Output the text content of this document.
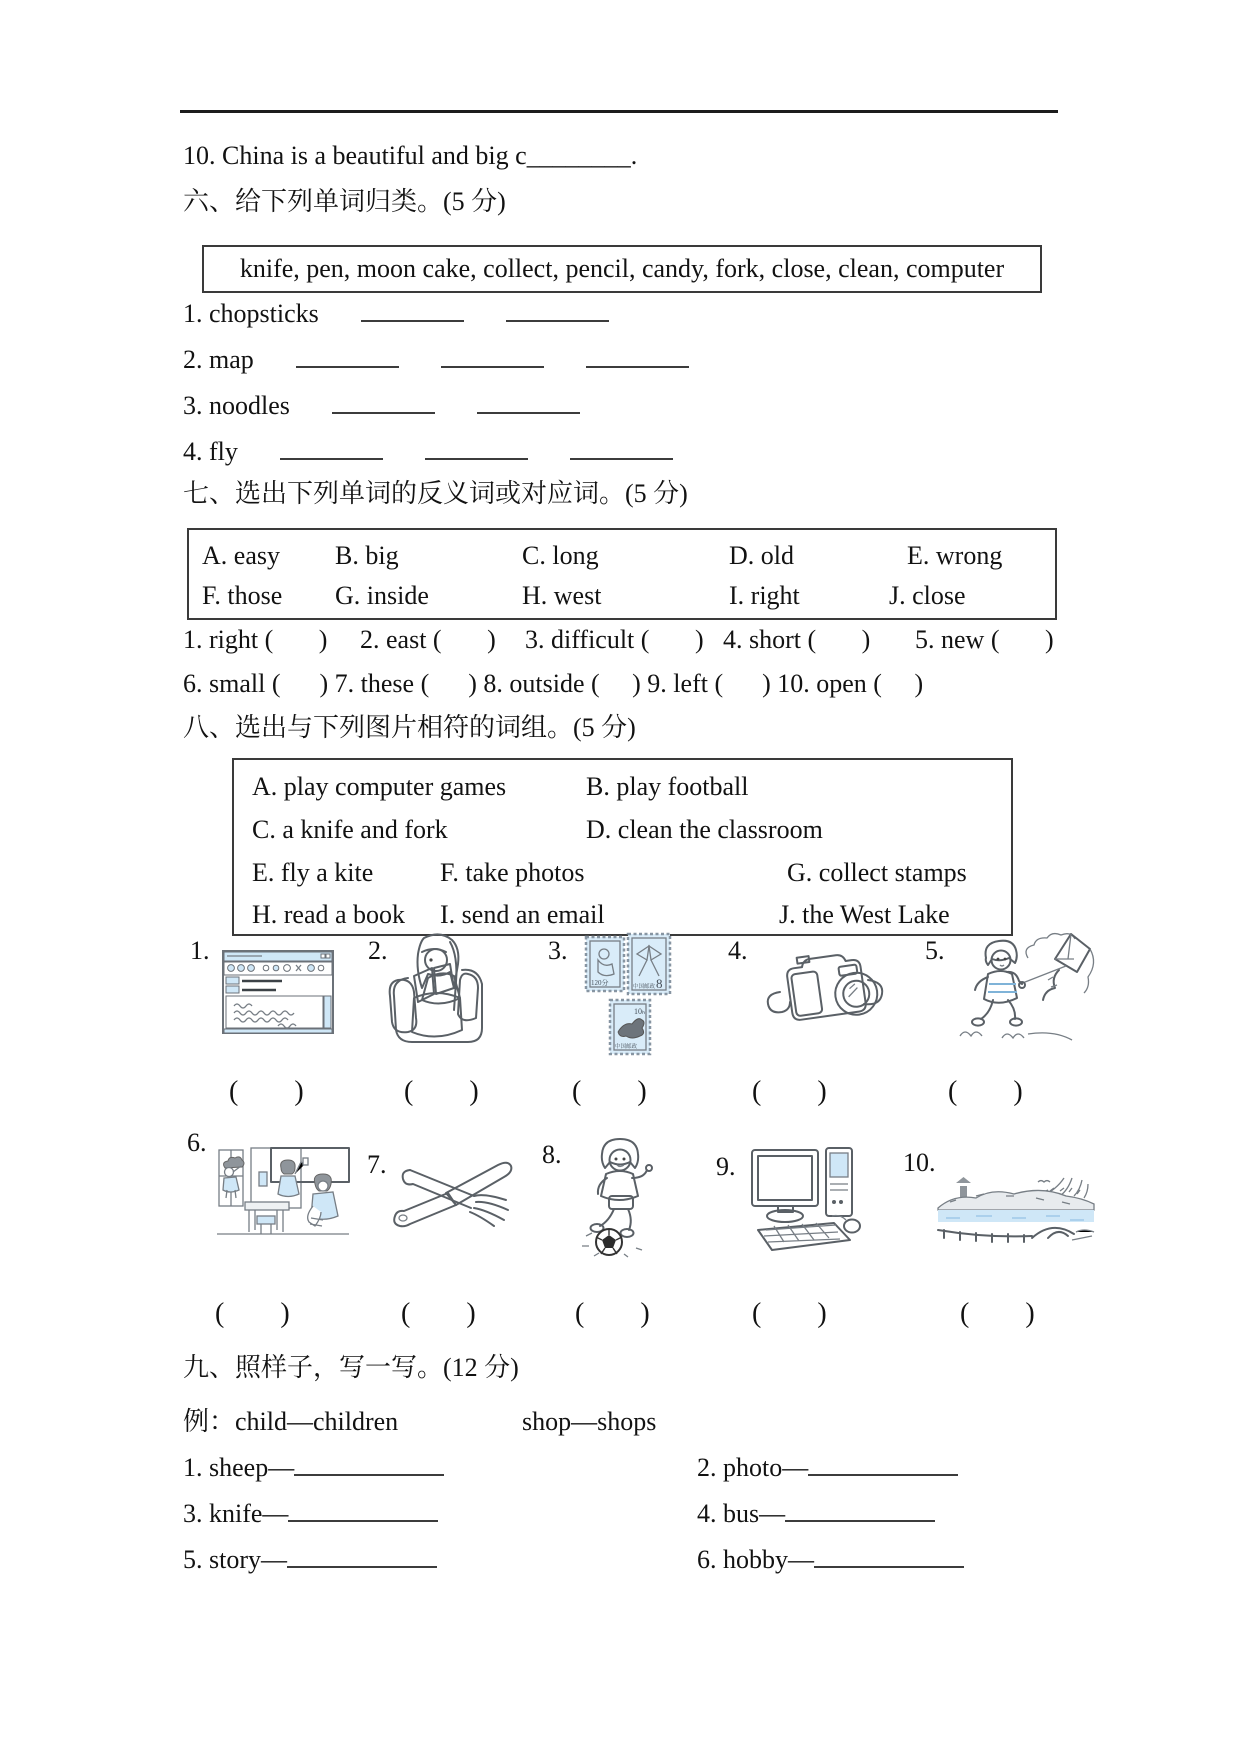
10. China is a beautiful and big c________.
六、给下列单词归类。(5 分)
knife, pen, moon cake, collect, pencil, candy, fork, close, clean, computer
1. chopsticks
2. map
3. noodles
4. fly
七、选出下列单词的反义词或对应词。(5 分)
A. easy B. big	C. long	D. old	E. wrong
F. those G. inside	H. west	I. right	J. close
1. right (       ) 2. east (       ) 3. difficult (       ) 4. short (       ) 5. new (       )
6. small (      ) 7. these (      ) 8. outside (     ) 9. left (      ) 10. open (     )
八、选出与下列图片相符的词组。(5 分)
A. play computer games	B. play football
C. a knife and fork	D. clean the classroom
E. fly a kite	F. take photos	G. collect stamps
H. read a book I. send an email	J. the West Lake
1.	2.	3.	4.	5.
120分	8
中国邮政
10ₕ
中国邮政
(        )	(        )	(        )	(        )	(        )
6.
7.	8.	9.	10.
(        )	(        )	(        )	(        )	(        )
九、照样子，写一写。(12 分)
例：child—children	shop—shops
1. sheep—	2. photo—
3. knife—	4. bus—
5. story—	6. hobby—
